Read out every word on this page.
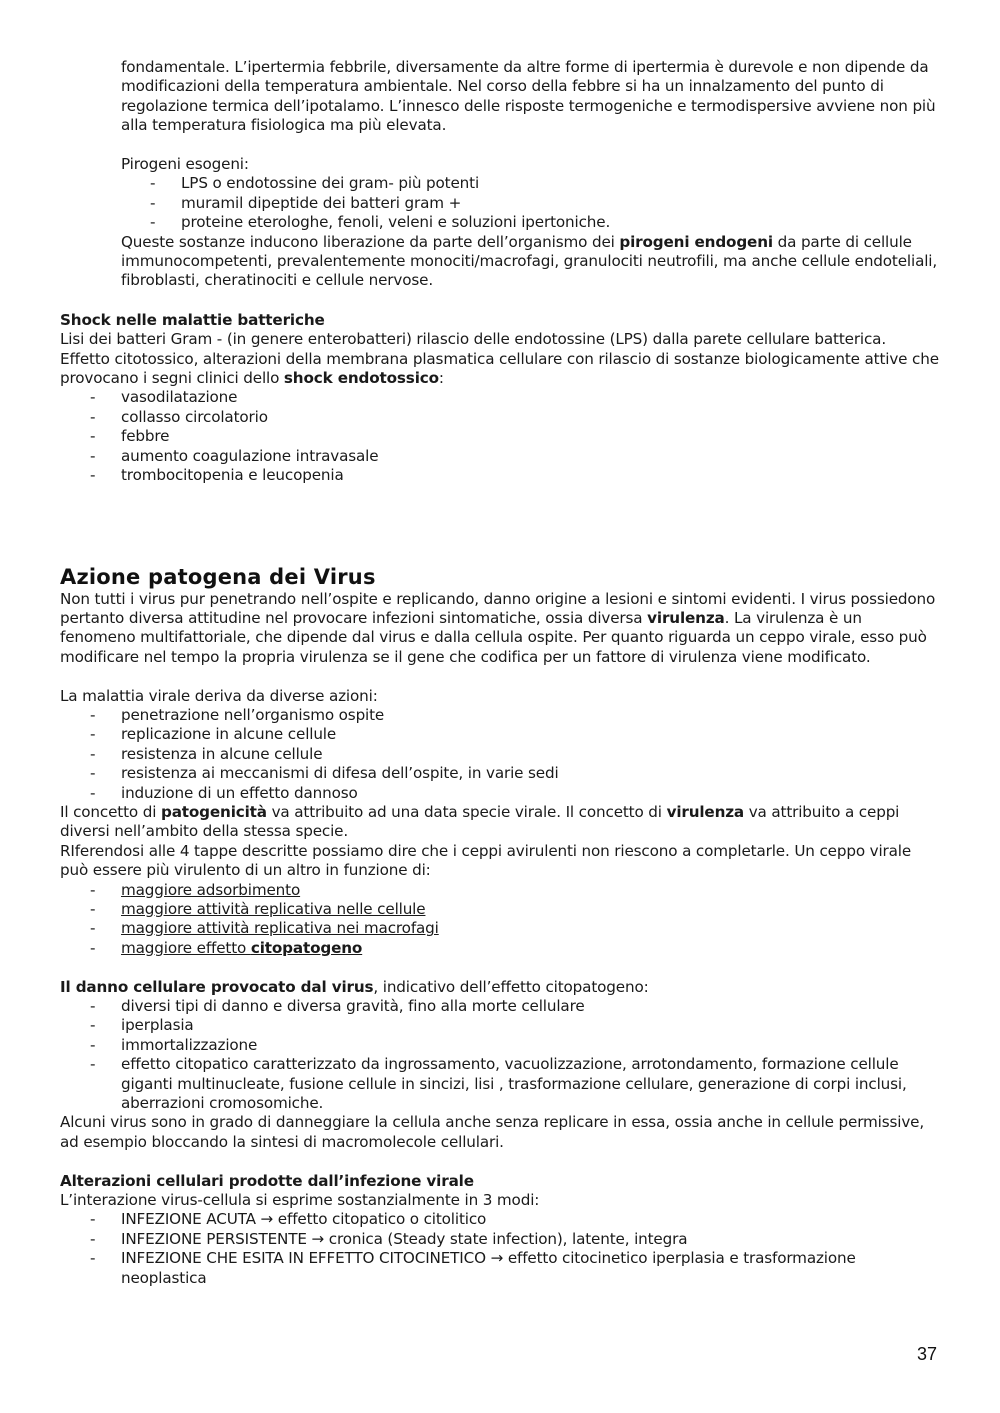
fondamentale. L’ipertermia febbrile, diversamente da altre forme di ipertermia è durevole e non dipende da modificazioni della temperatura ambientale. Nel corso della febbre si ha un innalzamento del punto di regolazione termica dell’ipotalamo. L’innesco delle risposte termogeniche e termodispersive avviene non più alla temperatura fisiologica ma più elevata.

Pirogeni esogeni:

- LPS o endotossine dei gram- più potenti
- muramil dipeptide dei batteri gram +
- proteine eterologhe, fenoli, veleni e soluzioni ipertoniche.

Queste sostanze inducono liberazione da parte dell’organismo dei pirogeni endogeni da parte di cellule immunocompetenti, prevalentemente monociti/macrofagi, granulociti neutrofili, ma anche cellule endoteliali, fibroblasti, cheratinociti e cellule nervose.

Shock nelle malattie batteriche

Lisi dei batteri Gram - (in genere enterobatteri) rilascio delle endotossine (LPS) dalla parete cellulare batterica. Effetto citotossico, alterazioni della membrana plasmatica cellulare con rilascio di sostanze biologicamente attive che provocano i segni clinici dello shock endotossico:

- vasodilatazione
- collasso circolatorio
- febbre
- aumento coagulazione intravasale
- trombocitopenia e leucopenia
Azione patogena dei Virus

Non tutti i virus pur penetrando nell’ospite e replicando, danno origine a lesioni e sintomi evidenti. I virus possiedono pertanto diversa attitudine nel provocare infezioni sintomatiche, ossia diversa virulenza. La virulenza è un fenomeno multifattoriale, che dipende dal virus e dalla cellula ospite. Per quanto riguarda un ceppo virale, esso può modificare nel tempo la propria virulenza se il gene che codifica per un fattore di virulenza viene modificato.

La malattia virale deriva da diverse azioni:

- penetrazione nell’organismo ospite
- replicazione in alcune cellule
- resistenza in alcune cellule
- resistenza ai meccanismi di difesa dell’ospite, in varie sedi
- induzione di un effetto dannoso

Il concetto di patogenicità va attribuito ad una data specie virale. Il concetto di virulenza va attribuito a ceppi diversi nell’ambito della stessa specie.

RIferendosi alle 4 tappe descritte possiamo dire che i ceppi avirulenti non riescono a completarle. Un ceppo virale può essere più virulento di un altro in funzione di:

- maggiore adsorbimento
- maggiore attività replicativa nelle cellule
- maggiore attività replicativa nei macrofagi
- maggiore effetto citopatogeno

Il danno cellulare provocato dal virus, indicativo dell’effetto citopatogeno:

- diversi tipi di danno e diversa gravità, fino alla morte cellulare
- iperplasia
- immortalizzazione
- effetto citopatico caratterizzato da ingrossamento, vacuolizzazione, arrotondamento, formazione cellule giganti multinucleate, fusione cellule in sincizi, lisi , trasformazione cellulare, generazione di corpi inclusi, aberrazioni cromosomiche.

Alcuni virus sono in grado di danneggiare la cellula anche senza replicare in essa, ossia anche in cellule permissive, ad esempio bloccando la sintesi di macromolecole cellulari.

Alterazioni cellulari prodotte dall’infezione virale

L’interazione virus-cellula si esprime sostanzialmente in 3 modi:

- INFEZIONE ACUTA → effetto citopatico o citolitico
- INFEZIONE PERSISTENTE → cronica (Steady state infection), latente, integra
- INFEZIONE CHE ESITA IN EFFETTO CITOCINETICO → effetto citocinetico iperplasia e trasformazione neoplastica
37
